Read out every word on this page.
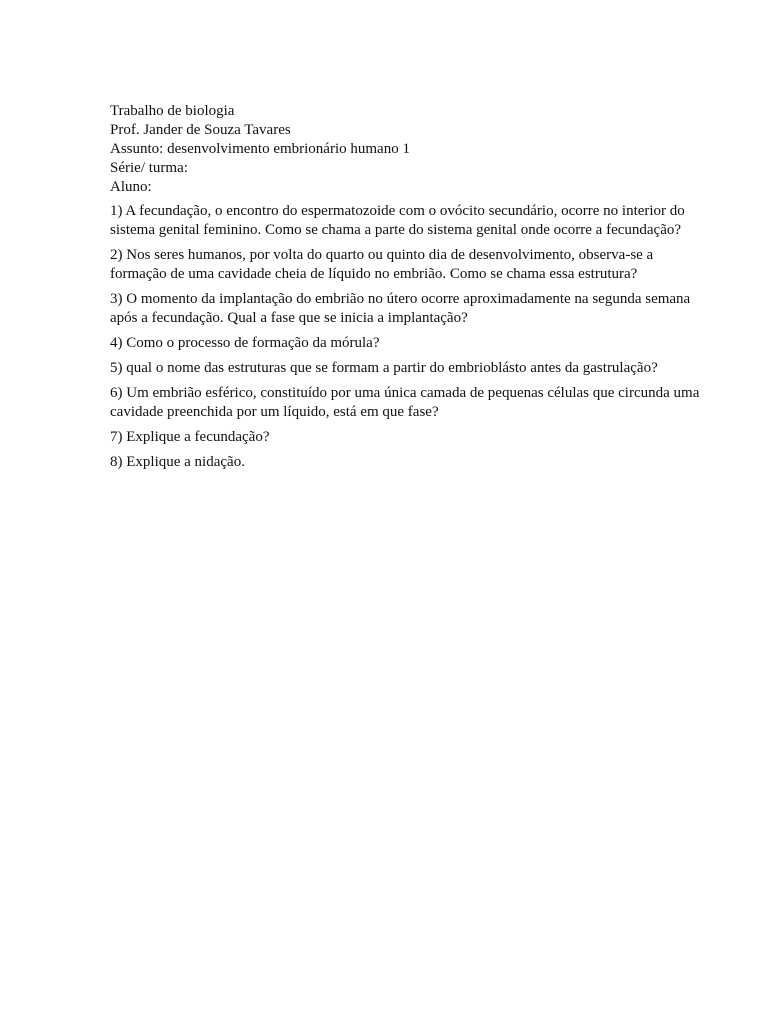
Trabalho de biologia
Prof. Jander de Souza Tavares
Assunto: desenvolvimento embrionário humano 1
Série/ turma:
Aluno:

1) A fecundação, o encontro do espermatozoide com o ovócito secundário, ocorre no interior do sistema genital feminino. Como se chama a parte do sistema genital onde ocorre a fecundação?

2) Nos seres humanos, por volta do quarto ou quinto dia de desenvolvimento, observa-se a formação de uma cavidade cheia de líquido no embrião. Como se chama essa estrutura?

3) O momento da implantação do embrião no útero ocorre aproximadamente na segunda semana após a fecundação. Qual a fase que se inicia a implantação?

4) Como o processo de formação da mórula?

5) qual o nome das estruturas que se formam a partir do embrioblásto antes da gastrulação?

6) Um embrião esférico, constituído por uma única camada de pequenas células que circunda uma cavidade preenchida por um líquido, está em que fase?

7) Explique a fecundação?

8) Explique a nidação.
